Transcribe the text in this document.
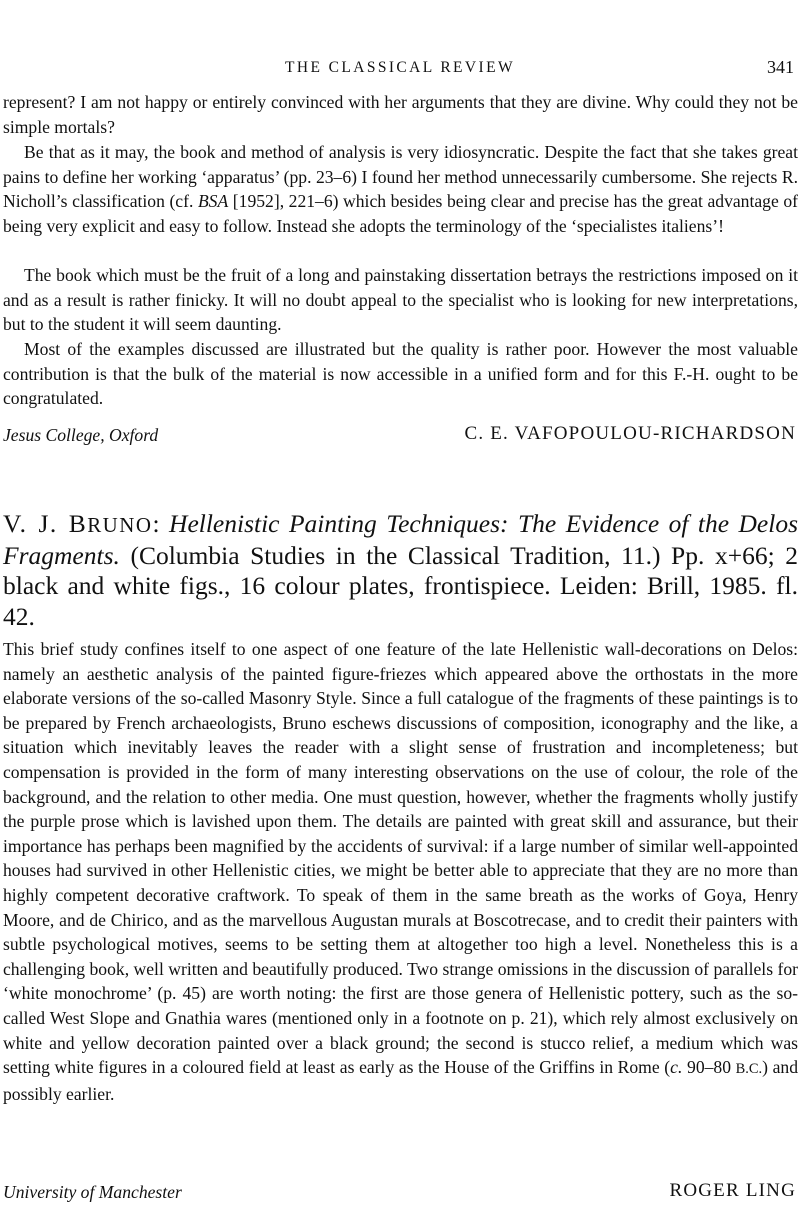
THE CLASSICAL REVIEW	341

represent? I am not happy or entirely convinced with her arguments that they are divine. Why could they not be simple mortals?

Be that as it may, the book and method of analysis is very idiosyncratic. Despite the fact that she takes great pains to define her working ‘apparatus’ (pp. 23–6) I found her method unnecessarily cumbersome. She rejects R. Nicholl’s classification (cf. BSA [1952], 221–6) which besides being clear and precise has the great advantage of being very explicit and easy to follow. Instead she adopts the terminology of the ‘specialistes italiens’!

The book which must be the fruit of a long and painstaking dissertation betrays the restrictions imposed on it and as a result is rather finicky. It will no doubt appeal to the specialist who is looking for new interpretations, but to the student it will seem daunting.

Most of the examples discussed are illustrated but the quality is rather poor. However the most valuable contribution is that the bulk of the material is now accessible in a unified form and for this F.-H. ought to be congratulated.

Jesus College, Oxford	C. E. VAFOPOULOU-RICHARDSON

V. J. BRUNO: Hellenistic Painting Techniques: The Evidence of the Delos Fragments. (Columbia Studies in the Classical Tradition, 11.) Pp. x+66; 2 black and white figs., 16 colour plates, frontispiece. Leiden: Brill, 1985. fl. 42.

This brief study confines itself to one aspect of one feature of the late Hellenistic wall-decorations on Delos: namely an aesthetic analysis of the painted figure-friezes which appeared above the orthostats in the more elaborate versions of the so-called Masonry Style. Since a full catalogue of the fragments of these paintings is to be prepared by French archaeologists, Bruno eschews discussions of composition, iconography and the like, a situation which inevitably leaves the reader with a slight sense of frustration and incompleteness; but compensation is provided in the form of many interesting observations on the use of colour, the role of the background, and the relation to other media. One must question, however, whether the fragments wholly justify the purple prose which is lavished upon them. The details are painted with great skill and assurance, but their importance has perhaps been magnified by the accidents of survival: if a large number of similar well-appointed houses had survived in other Hellenistic cities, we might be better able to appreciate that they are no more than highly competent decorative craftwork. To speak of them in the same breath as the works of Goya, Henry Moore, and de Chirico, and as the marvellous Augustan murals at Boscotrecase, and to credit their painters with subtle psychological motives, seems to be setting them at altogether too high a level. Nonetheless this is a challenging book, well written and beautifully produced. Two strange omissions in the discussion of parallels for ‘white monochrome’ (p. 45) are worth noting: the first are those genera of Hellenistic pottery, such as the so-called West Slope and Gnathia wares (mentioned only in a footnote on p. 21), which rely almost exclusively on white and yellow decoration painted over a black ground; the second is stucco relief, a medium which was setting white figures in a coloured field at least as early as the House of the Griffins in Rome (c. 90–80 B.C.) and possibly earlier.

University of Manchester	ROGER LING
